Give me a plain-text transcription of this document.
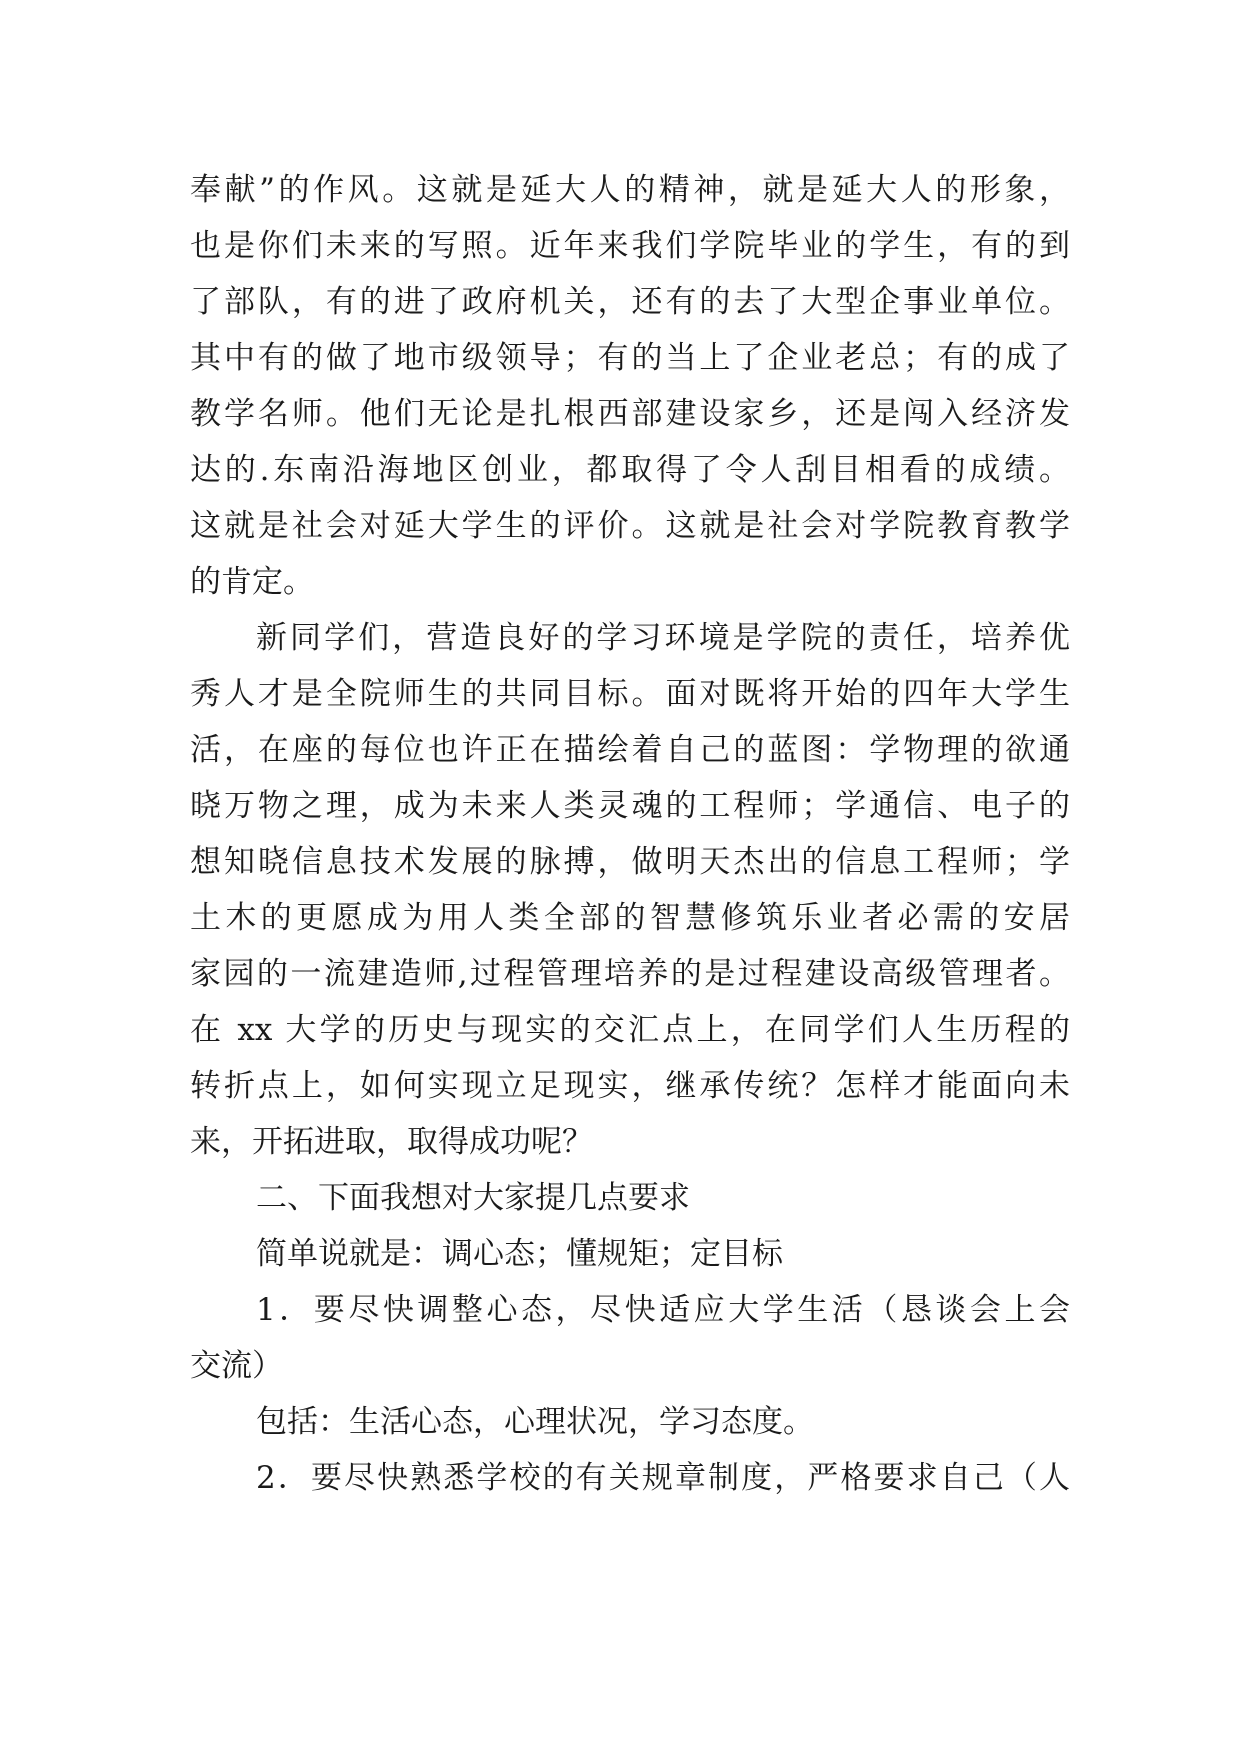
奉献”的作风。这就是延大人的精神，就是延大人的形象，
也是你们未来的写照。近年来我们学院毕业的学生，有的到
了部队，有的进了政府机关，还有的去了大型企事业单位。
其中有的做了地市级领导；有的当上了企业老总；有的成了
教学名师。他们无论是扎根西部建设家乡，还是闯入经济发
达的.东南沿海地区创业，都取得了令人刮目相看的成绩。
这就是社会对延大学生的评价。这就是社会对学院教育教学
的肯定。
新同学们，营造良好的学习环境是学院的责任，培养优
秀人才是全院师生的共同目标。面对既将开始的四年大学生
活，在座的每位也许正在描绘着自己的蓝图：学物理的欲通
晓万物之理，成为未来人类灵魂的工程师；学通信、电子的
想知晓信息技术发展的脉搏，做明天杰出的信息工程师；学
土木的更愿成为用人类全部的智慧修筑乐业者必需的安居
家园的一流建造师,过程管理培养的是过程建设高级管理者。
在 xx 大学的历史与现实的交汇点上，在同学们人生历程的
转折点上，如何实现立足现实，继承传统？怎样才能面向未
来，开拓进取，取得成功呢？
二、下面我想对大家提几点要求
简单说就是：调心态；懂规矩；定目标
1．要尽快调整心态，尽快适应大学生活（恳谈会上会
交流）
包括：生活心态，心理状况，学习态度。
2．要尽快熟悉学校的有关规章制度，严格要求自己（人
